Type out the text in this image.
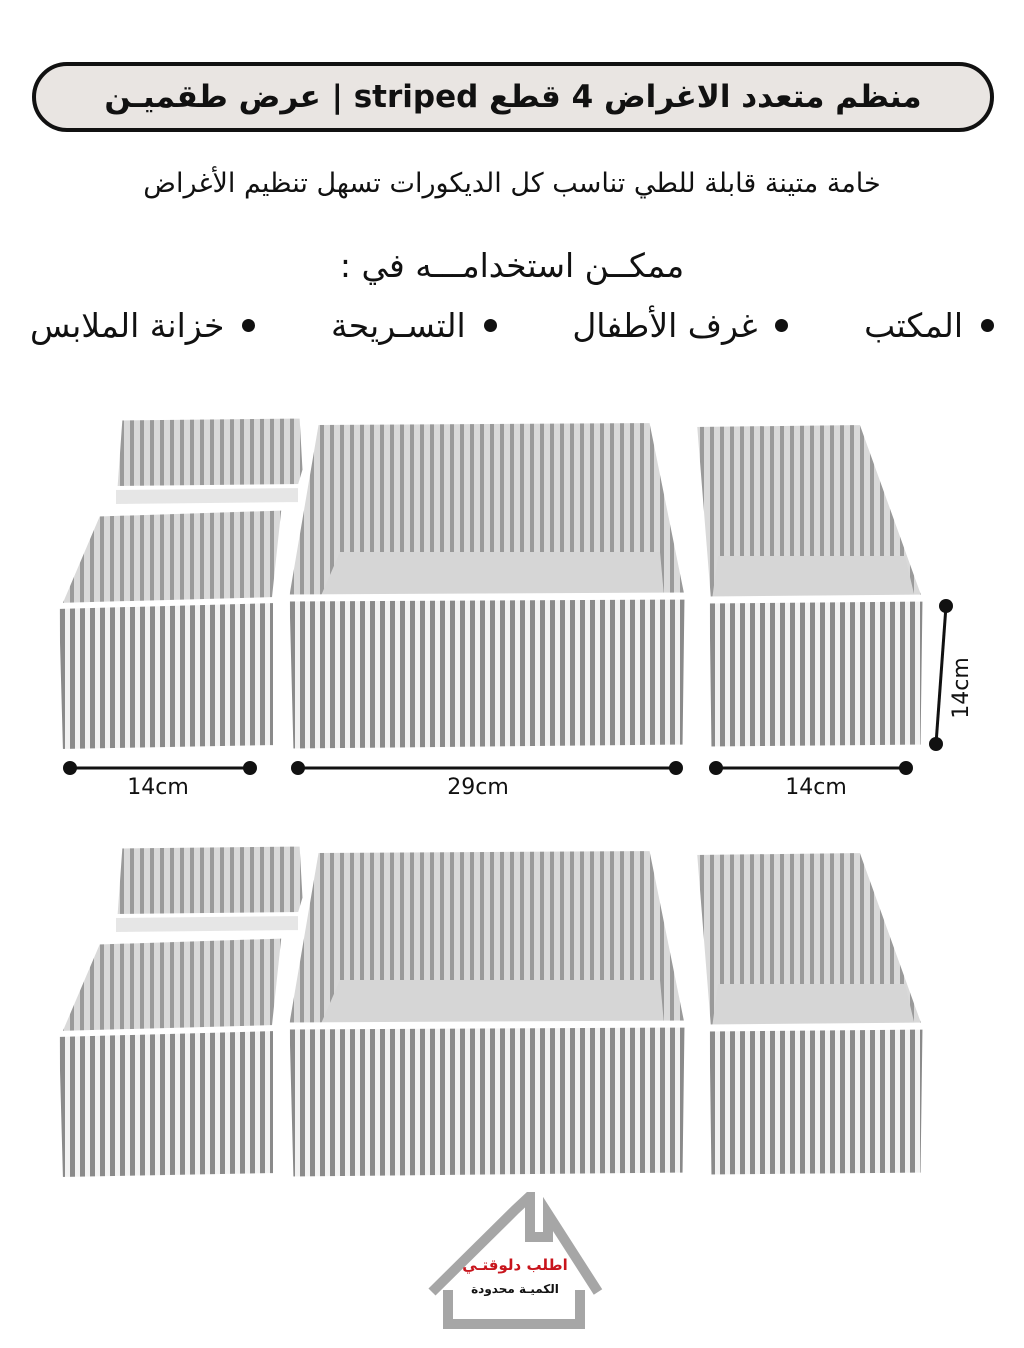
منظم متعدد الاغراض 4 قطع striped | عرض طقميـن
خامة متينة قابلة للطي تناسب كل الديكورات تسهل تنظيم الأغراض
ممكــن استخدامـــه في :
المكتب
غرف الأطفال
التسـريحة
خزانة الملابس
14cm	29cm	14cm
14cm
اطلب دلوقتـي
الكميـة محدودة
